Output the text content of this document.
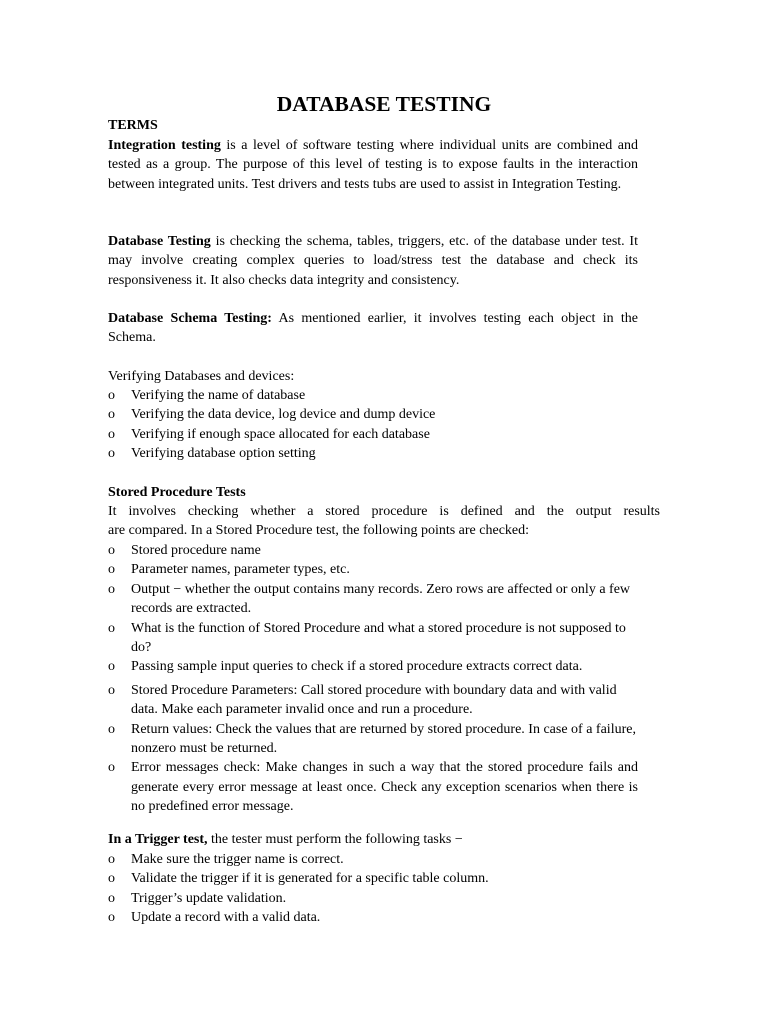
DATABASE TESTING
TERMS
Integration testing is a level of software testing where individual units are combined and tested as a group. The purpose of this level of testing is to expose faults in the interaction between integrated units. Test drivers and tests tubs are used to assist in Integration Testing.
Database Testing is checking the schema, tables, triggers, etc. of the database under test. It may involve creating complex queries to load/stress test the database and check its responsiveness it. It also checks data integrity and consistency.
Database Schema Testing: As mentioned earlier, it involves testing each object in the Schema.
Verifying Databases and devices:
o Verifying the name of database
o Verifying the data device, log device and dump device
o Verifying if enough space allocated for each database
o Verifying database option setting
Stored Procedure Tests
It involves checking whether a stored procedure is defined and the output results
are compared. In a Stored Procedure test, the following points are checked:
o Stored procedure name
o Parameter names, parameter types, etc.
o Output − whether the output contains many records. Zero rows are affected or only a few records are extracted.
o What is the function of Stored Procedure and what a stored procedure is not supposed to do?
o Passing sample input queries to check if a stored procedure extracts correct data.
o Stored Procedure Parameters: Call stored procedure with boundary data and with valid data. Make each parameter invalid once and run a procedure.
o Return values: Check the values that are returned by stored procedure. In case of a failure, nonzero must be returned.
o Error messages check: Make changes in such a way that the stored procedure fails and generate every error message at least once. Check any exception scenarios when there is no predefined error message.
In a Trigger test, the tester must perform the following tasks −
o Make sure the trigger name is correct.
o Validate the trigger if it is generated for a specific table column.
o Trigger’s update validation.
o Update a record with a valid data.
